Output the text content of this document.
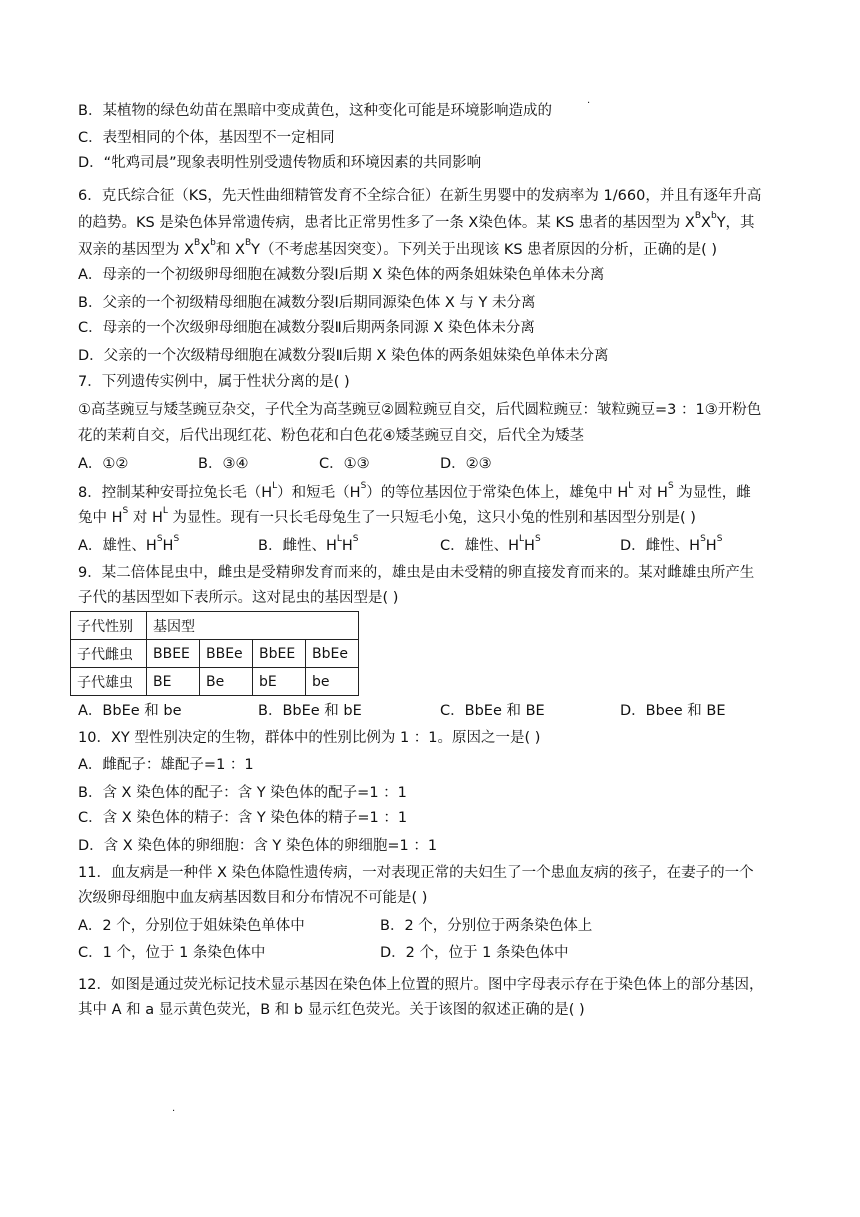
B．某植物的绿色幼苗在黑暗中变成黄色，这种变化可能是环境影响造成的	·
C．表型相同的个体，基因型不一定相同
D．“牝鸡司晨”现象表明性别受遗传物质和环境因素的共同影响
6．克氏综合征（KS，先天性曲细精管发育不全综合征）在新生男婴中的发病率为 1/660，并且有逐年升高
的趋势。KS 是染色体异常遗传病，患者比正常男性多了一条 X染色体。某 KS 患者的基因型为 $X^BX^bY$，其
双亲的基因型为 $X^BX^b$和 $X^BY$（不考虑基因突变）。下列关于出现该 KS 患者原因的分析，正确的是( )
A．母亲的一个初级卵母细胞在减数分裂Ⅰ后期 X 染色体的两条姐妹染色单体未分离
B．父亲的一个初级精母细胞在减数分裂Ⅰ后期同源染色体 X 与 Y 未分离
C．母亲的一个次级卵母细胞在减数分裂Ⅱ后期两条同源 X 染色体未分离
D．父亲的一个次级精母细胞在减数分裂Ⅱ后期 X 染色体的两条姐妹染色单体未分离
7．下列遗传实例中，属于性状分离的是( )
①高茎豌豆与矮茎豌豆杂交，子代全为高茎豌豆②圆粒豌豆自交，后代圆粒豌豆：皱粒豌豆=3 ：1③开粉色
花的茉莉自交，后代出现红花、粉色花和白色花④矮茎豌豆自交，后代全为矮茎
A．①②	B．③④	C．①③	D．②③
8．控制某种安哥拉兔长毛$(H^L)$和短毛$(H^S)$的等位基因位于常染色体上，雄兔中 $H^L$ 对 $H^S$ 为显性，雌
兔中 $H^S$ 对 $H^L$ 为显性。现有一只长毛母兔生了一只短毛小兔，这只小兔的性别和基因型分别是( )
A．雄性、$H^SH^S$	B．雌性、$H^LH^S$	C．雄性、$H^LH^S$	D．雌性、$H^SH^S$
9．某二倍体昆虫中，雌虫是受精卵发育而来的，雄虫是由未受精的卵直接发育而来的。某对雌雄虫所产生
子代的基因型如下表所示。这对昆虫的基因型是( )
子代性别	基因型			
子代雌虫	BBEE	BBEe	BbEE	BbEe
子代雄虫	BE	Be	bE	be
A．BbEe 和 be	B．BbEe 和 bE	C．BbEe 和 BE	D．Bbee 和 BE
10．XY 型性别决定的生物，群体中的性别比例为 1 ：1。原因之一是( )
A．雌配子：雄配子=1 ：1
B．含 X 染色体的配子：含 Y 染色体的配子=1 ：1
C．含 X 染色体的精子：含 Y 染色体的精子=1 ：1
D．含 X 染色体的卵细胞：含 Y 染色体的卵细胞=1 ：1
11．血友病是一种伴 X 染色体隐性遗传病，一对表现正常的夫妇生了一个患血友病的孩子，在妻子的一个
次级卵母细胞中血友病基因数目和分布情况不可能是( )
A．2 个，分别位于姐妹染色单体中	B．2 个，分别位于两条染色体上
C．1 个，位于 1 条染色体中	D．2 个，位于 1 条染色体中
12．如图是通过荧光标记技术显示基因在染色体上位置的照片。图中字母表示存在于染色体上的部分基因，
其中 A 和 a 显示黄色荧光，B 和 b 显示红色荧光。关于该图的叙述正确的是( )
.
